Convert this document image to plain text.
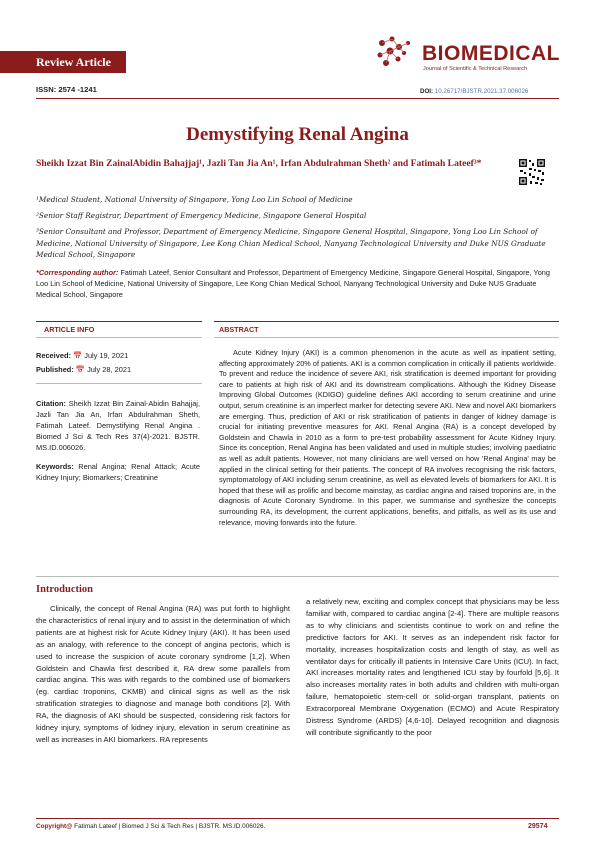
Review Article	BIOMEDICAL
Journal of Scientific & Technical Research
ISSN: 2574 -1241	DOI: 10.26717/BJSTR.2021.37.006026
Demystifying Renal Angina
Sheikh Izzat Bin ZainalAbidin Bahajjaj¹, Jazli Tan Jia An¹, Irfan Abdulrahman Sheth² and Fatimah Lateef³*
¹Medical Student, National University of Singapore, Yong Loo Lin School of Medicine
²Senior Staff Registrar, Department of Emergency Medicine, Singapore General Hospital
³Senior Consultant and Professor, Department of Emergency Medicine, Singapore General Hospital, Singapore, Yong Loo Lin School of Medicine, National University of Singapore, Lee Kong Chian Medical School, Nanyang Technological University and Duke NUS Graduate Medical School, Singapore
*Corresponding author: Fatimah Lateef, Senior Consultant and Professor, Department of Emergency Medicine, Singapore General Hospital, Singapore, Yong Loo Lin School of Medicine, National University of Singapore, Lee Kong Chian Medical School, Nanyang Technological University and Duke NUS Graduate Medical School, Singapore
ARTICLE INFO	ABSTRACT
Received: 📅 July 19, 2021
Published: 📅 July 28, 2021
Citation: Sheikh Izzat Bin Zainal-Abidin Bahajjaj, Jazli Tan Jia An, Irfan Abdulrahman Sheth, Fatimah Lateef. Demystifying Renal Angina . Biomed J Sci & Tech Res 37(4)-2021. BJSTR. MS.ID.006026.
Keywords: Renal Angina; Renal Attack; Acute Kidney Injury; Biomarkers; Creatinine
Acute Kidney Injury (AKI) is a common phenomenon in the acute as well as inpatient setting, affecting approximately 20% of patients. AKI is a common complication in critically ill patients worldwide. To prevent and reduce the incidence of severe AKI, risk stratification is deemed important for providing care to patients at high risk of AKI and its downstream complications. Although the Kidney Disease Improving Global Outcomes (KDIGO) guideline defines AKI according to serum creatinine and urine output, serum creatinine is an imperfect marker for detecting severe AKI. New and novel AKI biomarkers are emerging. Thus, prediction of AKI or risk stratification of patients in danger of kidney damage is crucial for initiating preventive measures for AKI. Renal Angina (RA) is a concept developed by Goldstein and Chawla in 2010 as a form to pre-test probability assessment for Acute Kidney Injury. Since its conception, Renal Angina has been validated and used in multiple studies; involving paediatric as well as adult patients. However, not many clinicians are well versed on how 'Renal Angina' may be applied in the clinical setting for their patients. The concept of RA involves recognising the risk factors, symptomatology of AKI including serum creatinine, as well as elevated levels of biomarkers for AKI. It is hoped that these will as prolific and become mainstay, as cardiac angina and raised troponins are, in the diagnosis of Acute Coronary Syndrome. In this paper, we summarise and synthesize the concepts surrounding RA, its development, the current applications, benefits, and pitfalls, as well as its use and relevance, moving forwards into the future.
Introduction
Clinically, the concept of Renal Angina (RA) was put forth to highlight the characteristics of renal injury and to assist in the determination of which patients are at highest risk for Acute Kidney Injury (AKI). It has been used as an analogy, with reference to the concept of angina pectoris, which is used to increase the suspicion of acute coronary syndrome [1,2]. When Goldstein and Chawla first described it, RA drew some parallels from cardiac angina. This was with regards to the combined use of biomarkers (eg. cardiac troponins, CKMB) and clinical signs as well as the risk stratification strategies to diagnose and manage both conditions [2]. With RA, the diagnosis of AKI should be suspected, considering risk factors for kidney injury, symptoms of kidney injury, elevation in serum creatinine as well as increases in AKI biomarkers. RA represents
a relatively new, exciting and complex concept that physicians may be less familiar with, compared to cardiac angina [2-4]. There are multiple reasons as to why clinicians and scientists continue to work on and refine the predictive factors for AKI. It serves as an independent risk factor for mortality, increases hospitalization costs and length of stay, as well as ventilator days for critically ill patients in Intensive Care Units (ICU). In fact, AKI increases mortality rates and lengthened ICU stay by fourfold [5,6]. It also increases mortality rates in both adults and children with multi-organ failure, hematopoietic stem-cell or solid-organ transplant, patients on Extracorporeal Membrane Oxygenation (ECMO) and Acute Respiratory Distress Syndrome (ARDS) [4,6-10]. Delayed recognition and diagnosis will contribute significantly to the poor
Copyright@ Fatimah Lateef | Biomed J Sci & Tech Res | BJSTR. MS.ID.006026.	29574
